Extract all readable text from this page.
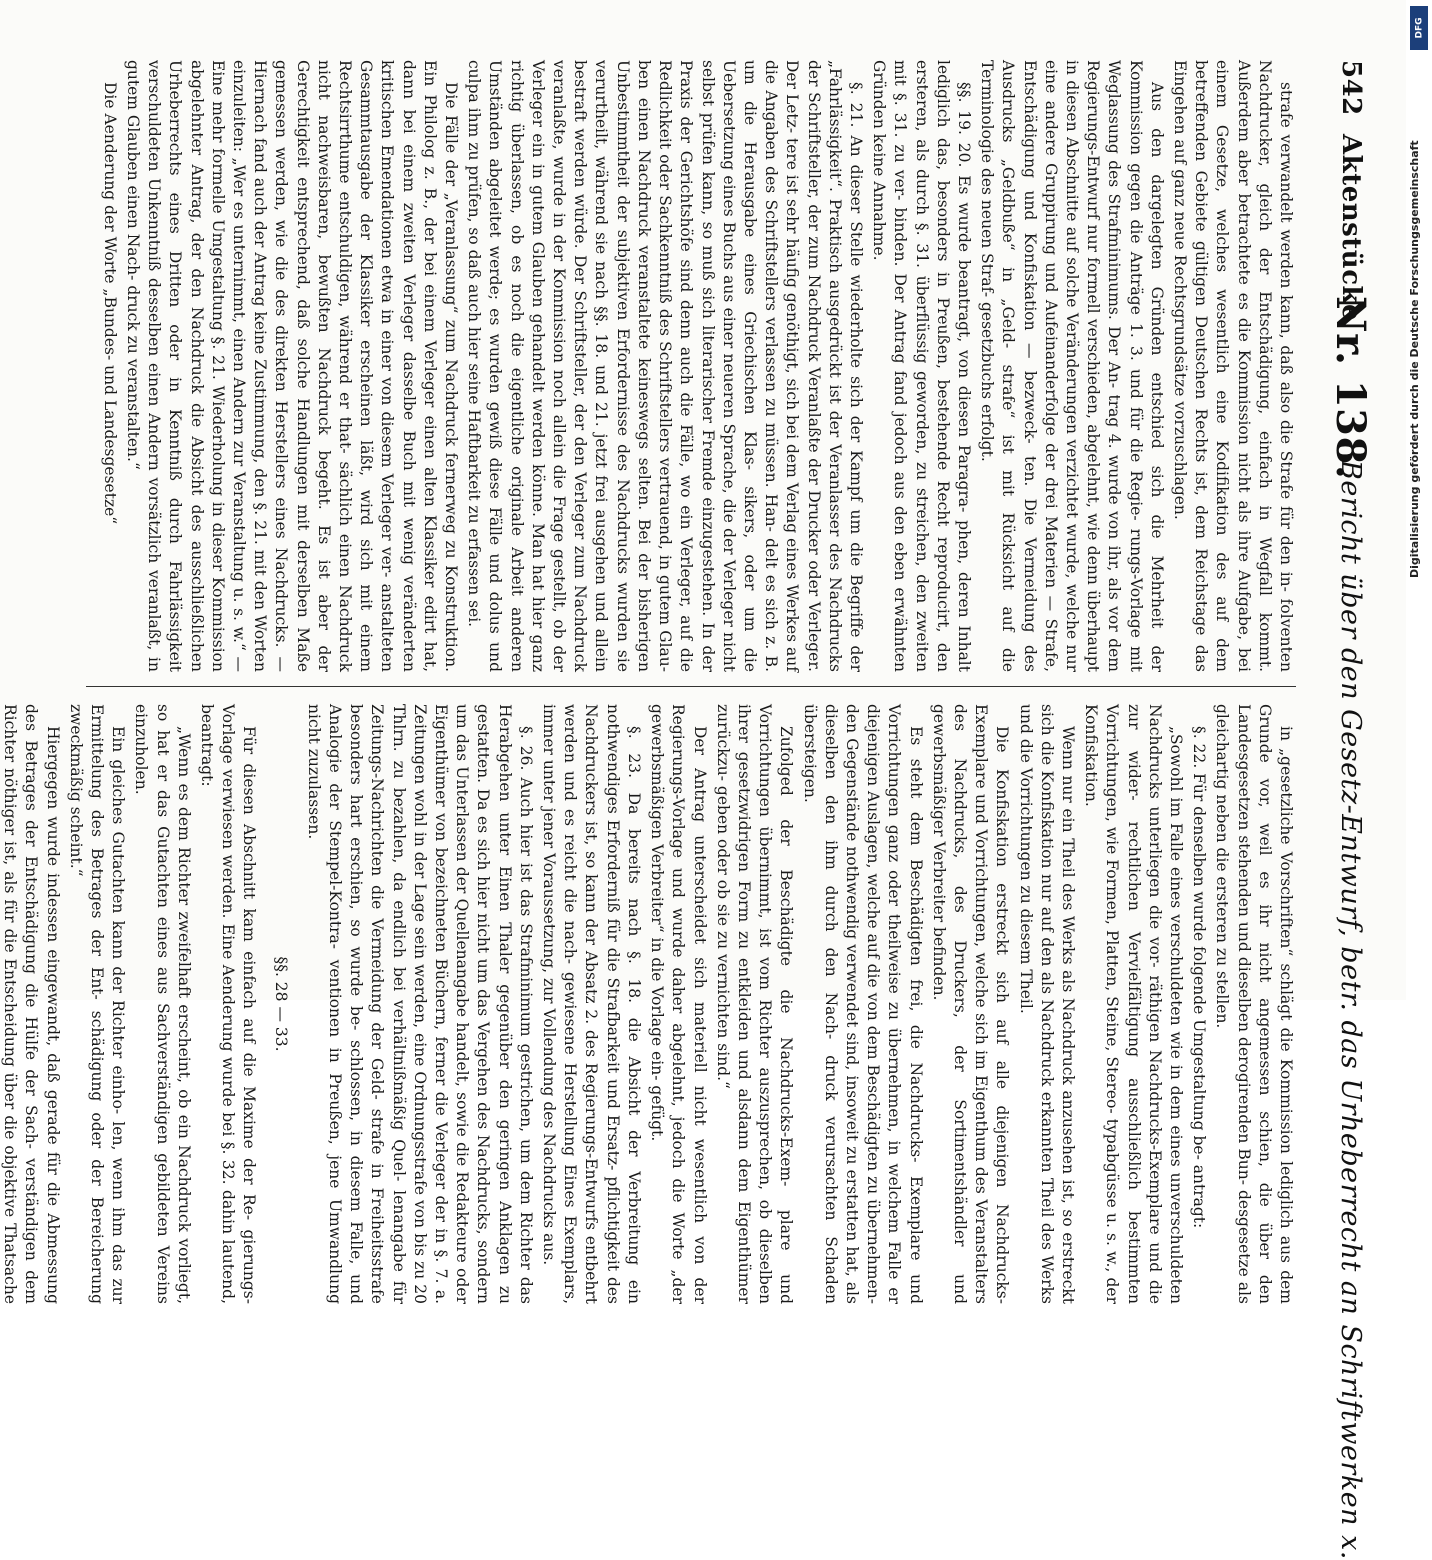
542
Aktenstücke
Nr. 138.
Bericht über den Gesetz-Entwurf, betr. das Urheberrecht an Schriftwerken x.

strafe verwandelt werden kann, daß also die Strafe für den in- folventen Nachdrucker, gleich der Entschädigung, einfach in Wegfall kommt. Außerdem aber betrachtete es die Kommission nicht als ihre Aufgabe, bei einem Gesetze, welches wesentlich eine Kodifikation des auf dem betreffenden Gebiete gültigen Deutschen Rechts ist, dem Reichstage das Eingehen auf ganz neue Rechtsgrundsätze vorzuschlagen.

Aus den dargelegten Gründen entschied sich die Mehrheit der Kommission gegen die Anträge 1. 3. und für die Regie- rungs-Vorlage mit Weglassung des Strafminimums. Der An- trag 4. wurde von ihr, als vor dem Regierungs-Entwurf nur formell verschieden, abgelehnt, wie denn überhaupt in diesen Abschnitte auf solche Veränderungen verzichtet wurde, welche nur eine andere Gruppirung und Aufeinanderfolge der drei Materien — Strafe, Entschädigung und Konfiskation — bezweck- ten. Die Vermeidung des Ausdrucks „Geldbuße“ in „Geld- strafe“ ist mit Rücksicht auf die Terminologie des neuen Straf- gesetzbuchs erfolgt.

§§. 19. 20. Es wurde beantragt, von diesen Paragra- phen, deren Inhalt lediglich das, besonders in Preußen, bestehende Recht reproducirt, den ersteren, als durch §. 31. überflüssig geworden, zu streichen, den zweiten mit §. 31. zu ver- binden. Der Antrag fand jedoch aus den eben erwähnten Gründen keine Annahme.

§. 21. An dieser Stelle wiederholte sich der Kampf um die Begriffe der „Fahrlässigkeit“. Praktisch ausgedrückt ist der Veranlasser des Nachdrucks der Schriftsteller, der zum Nachdruck Veranlaßte der Drucker oder Verleger. Der Letz- tere ist sehr häufig genöthigt, sich bei dem Verlag eines Werkes auf die Angaben des Schriftstellers verlassen zu müssen. Han- delt es sich z. B. um die Herausgabe eines Griechischen Klas- sikers, oder um die Uebersetzung eines Buchs aus einer neueren Sprache, die der Verleger nicht selbst prüfen kann, so muß sich literarischer Fremde einzugestehen. In der Praxis der Gerichtshöfe sind denn auch die Fälle, wo ein Verleger, auf die Redlichkeit oder Sachkenntniß des Schriftstellers vertrauend, in gutem Glau- ben einen Nachdruck veranstaltete keineswegs selten. Bei der bisherigen Unbestimmtheit der subjektiven Erfordernisse des Nachdrucks wurden sie verurtheilt, während sie nach §§. 18. und 21. jetzt frei ausgehen und allein bestraft werden würde. Der Schriftsteller, der den Verleger zum Nachdruck veranlaßte, wurde in der Kommission noch allein die Frage gestellt, ob der Verleger ein in gutem Glauben gehandelt werden könne. Man hat hier ganz richtig überlassen, ob es noch die eigentliche originale Arbeit anderen Umständen abgeleitet werde; es wurden gewiß diese Fälle und dolus und culpa ihm zu prüfen, so daß auch hier seine Haftbarkeit zu erfassen sei.

Die Fälle der „Veranlassung“ zum Nachdruck fernerweg zu Konstruktion. Ein Philolog z. B., der bei einem Verleger einen alten Klassiker edirt hat, dann bei einem zweiten Verleger dasselbe Buch mit wenig veränderten kritischen Emendationen etwa in einer von diesem Verleger ver- anstalteten Gesammtausgabe der Klassiker erscheinen läßt, wird sich mit einem Rechtsirrthume entschuldigen, während er that- sächlich einen Nachdruck nicht nachweisbaren, bewußten Nachdruck begeht. Es ist aber der Gerechtigkeit entsprechend, daß solche Handlungen mit derselben Maße gemessen werden, wie die des direkten Herstellers eines Nachdrucks. — Hiernach fand auch der Antrag keine Zustimmung, den §. 21. mit den Worten einzuleiten: „Wer es unternimmt, einen Andern zur Veranstaltung u. s. w.“ — Eine mehr formelle Umgestaltung §. 21. Wiederholung in dieser Kommission abgelehnter Antrag, der den Nachdruck die Absicht des ausschließlichen Urheberrechts eines Dritten oder in Kenntniß durch Fahrlässigkeit verschuldeten Unkenntniß desselben einen Andern vorsätzlich veranlaßt, in gutem Glauben einen Nach- druck zu veranstalten.“

Die Aenderung der Worte „Bundes- und Landesgesetze“

in „gesetzliche Vorschriften“ schlägt die Kommission lediglich aus dem Grunde vor, weil es ihr nicht angemessen schien, die über den Landesgesetzen stehenden und dieselben derogirenden Bun- desgesetze als gleichartig neben die ersteren zu stellen.

§. 22. Für denselben wurde folgende Umgestaltung be- antragt:

„Sowohl im Falle eines verschuldeten wie in dem eines unverschuldeten Nachdrucks unterliegen die vor- räthigen Nachdrucks-Exemplare und die zur wider- rechtlichen Vervielfältigung ausschließlich bestimmten Vorrichtungen, wie Formen, Platten, Steine, Stereo- typabgüsse u. s. w., der Konfiskation.

Wenn nur ein Theil des Werks als Nachdruck anzusehen ist, so erstreckt sich die Konfiskation nur auf den als Nachdruck erkannten Theil des Werks und die Vorrichtungen zu diesem Theil.

Die Konfiskation erstreckt sich auf alle diejenigen Nachdrucks-Exemplare und Vorrichtungen, welche sich im Eigenthum des Veranstalters des Nachdrucks, des Druckers, der Sortimentshändler und gewerbsmäßiger Verbreiter befinden.

Es steht dem Beschädigten frei, die Nachdrucks- Exemplare und Vorrichtungen ganz oder theilweise zu übernehmen, in welchem Falle er diejenigen Auslagen, welche auf die von dem Beschädigten zu übernehmen- den Gegenstände nothwendig verwendet sind, insoweit zu erstatten hat, als dieselben den ihm durch den Nach- druck verursachten Schaden übersteigen.

Zufolged der Beschädigte die Nachdrucks-Exem- plare und Vorrichtungen übernimmt, ist vom Richter auszusprechen, ob dieselben ihrer gesetzwidrigen Form zu entkleiden und alsdann dem Eigenthümer zurückzu- geben oder ob sie zu vernichten sind.“

Der Antrag unterscheidet sich materiell nicht wesentlich von der Regierungs-Vorlage und wurde daher abgelehnt, jedoch die Worte „der gewerbsmäßigen Verbreiter“ in die Vorlage ein- gefügt.

§. 23. Da bereits nach §. 18. die Absicht der Verbreitung ein nothwendiges Erforderniß für die Strafbarkeit und Ersatz- pflichtigkeit des Nachdruckers ist, so kann der Absatz 2. des Regierungs-Entwurfs entbehrt werden und es reicht die nach- gewiesene Herstellung Eines Exemplars, immer unter jener Voraussetzung, zur Vollendung des Nachdrucks aus.

§. 26. Auch hier ist das Strafminimum gestrichen, um dem Richter das Herabgehen unter Einen Thaler gegenüber den geringen Anklagen zu gestatten. Da es sich hier nicht um das Vergehen des Nachdrucks, sondern um das Unterlassen der Quellenangabe handelt, sowie die Redakteure oder Eigenthümer von bezeichneten Büchern, ferner die Verleger der in §. 7. a. Zeitungen wohl in der Lage sein werden, eine Ordnungsstrafe von bis zu 20 Thlrn. zu bezahlen, da endlich bei verhältnißmäßig Quel- lenangabe für Zeitungs-Nachrichten die Vermeidung der Geld- strafe in Freiheitsstrafe besonders hart erschien, so wurde be- schlossen, in diesem Falle, und Analogie der Stempel-Kontra- ventionen in Preußen, jene Umwandlung nicht zuzulassen.

§§. 28 — 33.

Für diesen Abschnitt kam einfach auf die Maxime der Re- gierungs-Vorlage verwiesen werden. Eine Aenderung wurde bei §. 32. dahin lautend, beantragt:

„Wenn es dem Richter zweifelhaft erscheint, ob ein Nachdruck vorliegt, so hat er das Gutachten eines aus Sachverständigen gebildeten Vereins einzuholen.

Ein gleiches Gutachten kann der Richter einho- len, wenn ihm das zur Ermittelung des Betrages der Ent- schädigung oder der Bereicherung zweckmäßig scheint.“

Hiergegen wurde indessen eingewandt, daß gerade für die Abmessung des Betrages der Entschädigung die Hülfe der Sach- verständigen dem Richter nöthiger ist, als für die Entscheidung über die objektive Thatsache

DFG
Digitalisierung gefördert durch die Deutsche Forschungsgemeinschaft
